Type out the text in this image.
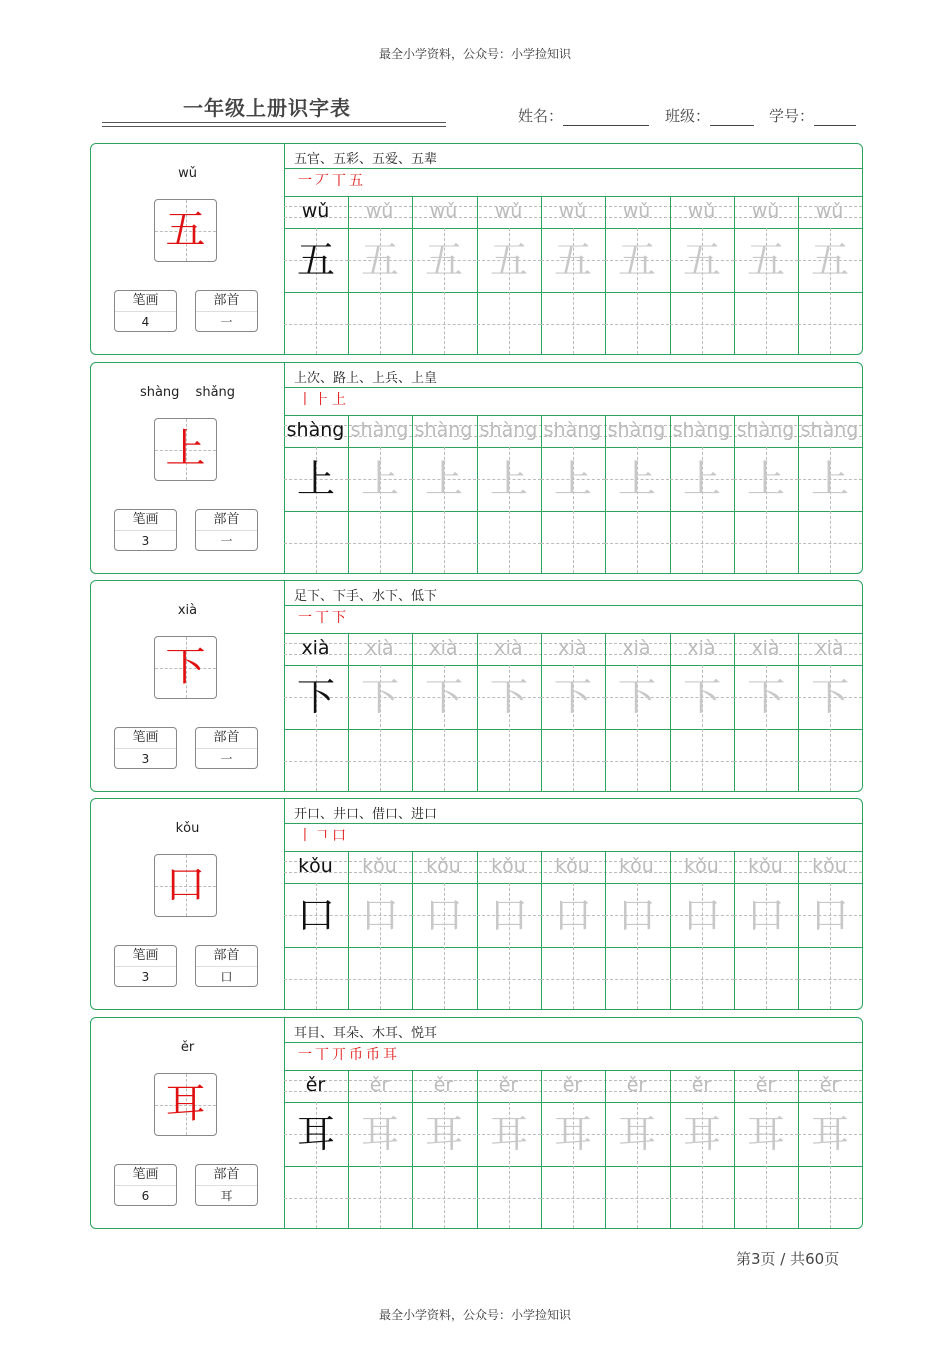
最全小学资料，公众号：小学捡知识
一年级上册识字表	姓名：	班级：	学号：
wǔ
五
笔画
4
部首
一
五官、五彩、五爱、五辈
一丆丅五
wǔ
五
wǔ
五
wǔ
五
wǔ
五
wǔ
五
wǔ
五
wǔ
五
wǔ
五
wǔ
五
shàng shǎng
上
笔画
3
部首
一
上次、路上、上兵、上皇
丨⺊上
shàng
上
shàng
上
shàng
上
shàng
上
shàng
上
shàng
上
shàng
上
shàng
上
shàng
上
xià
下
笔画
3
部首
一
足下、下手、水下、低下
一丅下
xià
下
xià
下
xià
下
xià
下
xià
下
xià
下
xià
下
xià
下
xià
下
kǒu
口
笔画
3
部首
口
开口、井口、借口、进口
丨𠃍口
kǒu
口
kǒu
口
kǒu
口
kǒu
口
kǒu
口
kǒu
口
kǒu
口
kǒu
口
kǒu
口
ěr
耳
笔画
6
部首
耳
耳目、耳朵、木耳、悦耳
一丅丌币币耳
ěr
耳
ěr
耳
ěr
耳
ěr
耳
ěr
耳
ěr
耳
ěr
耳
ěr
耳
ěr
耳
第3页 / 共60页
最全小学资料，公众号：小学捡知识
